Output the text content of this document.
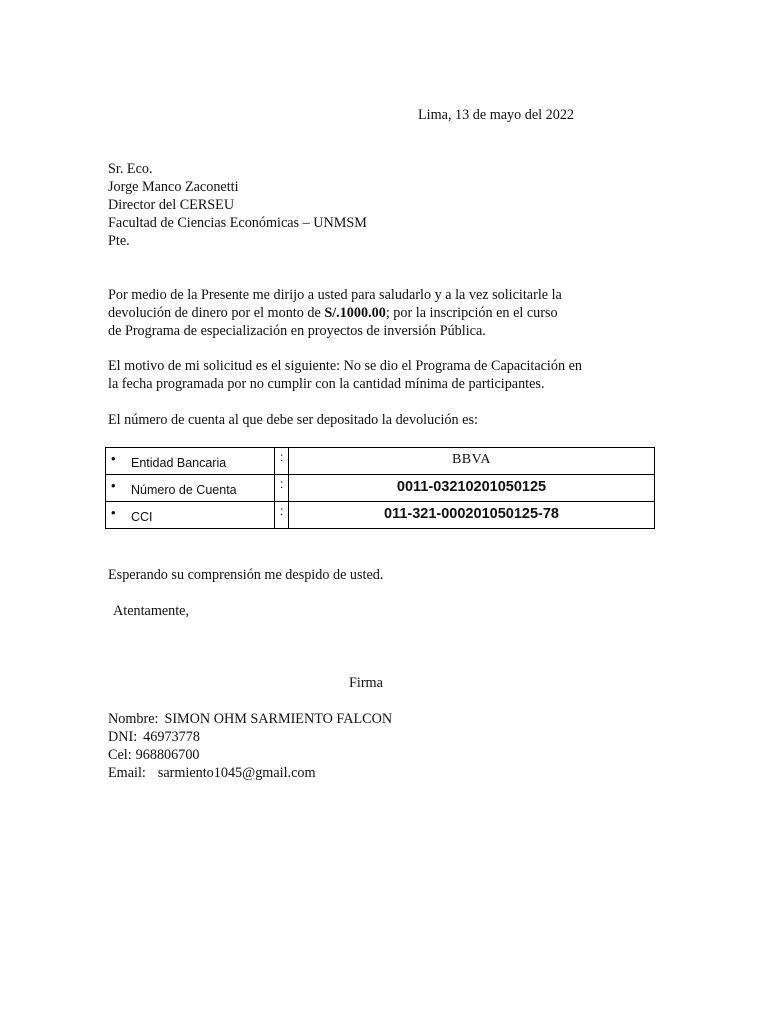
Lima, 13 de mayo del 2022
Sr. Eco.
Jorge Manco Zaconetti
Director del CERSEU
Facultad de Ciencias Económicas – UNMSM
Pte.
Por medio de la Presente me dirijo a usted para saludarlo y a la vez solicitarle la
devolución de dinero por el monto de S/.1000.00; por la inscripción en el curso
de Programa de especialización en proyectos de inversión Pública.
El motivo de mi solicitud es el siguiente: No se dio el Programa de Capacitación en
la fecha programada por no cumplir con la cantidad mínima de participantes.
El número de cuenta al que debe ser depositado la devolución es:
• Entidad Bancaria	:	BBVA
• Número de Cuenta	:	0011-03210201050125
• CCI	:	011-321-000201050125-78
Esperando su comprensión me despido de usted.
Atentamente,
Firma
Nombre: SIMON OHM SARMIENTO FALCON
DNI: 46973778
Cel: 968806700
Email: sarmiento1045@gmail.com
